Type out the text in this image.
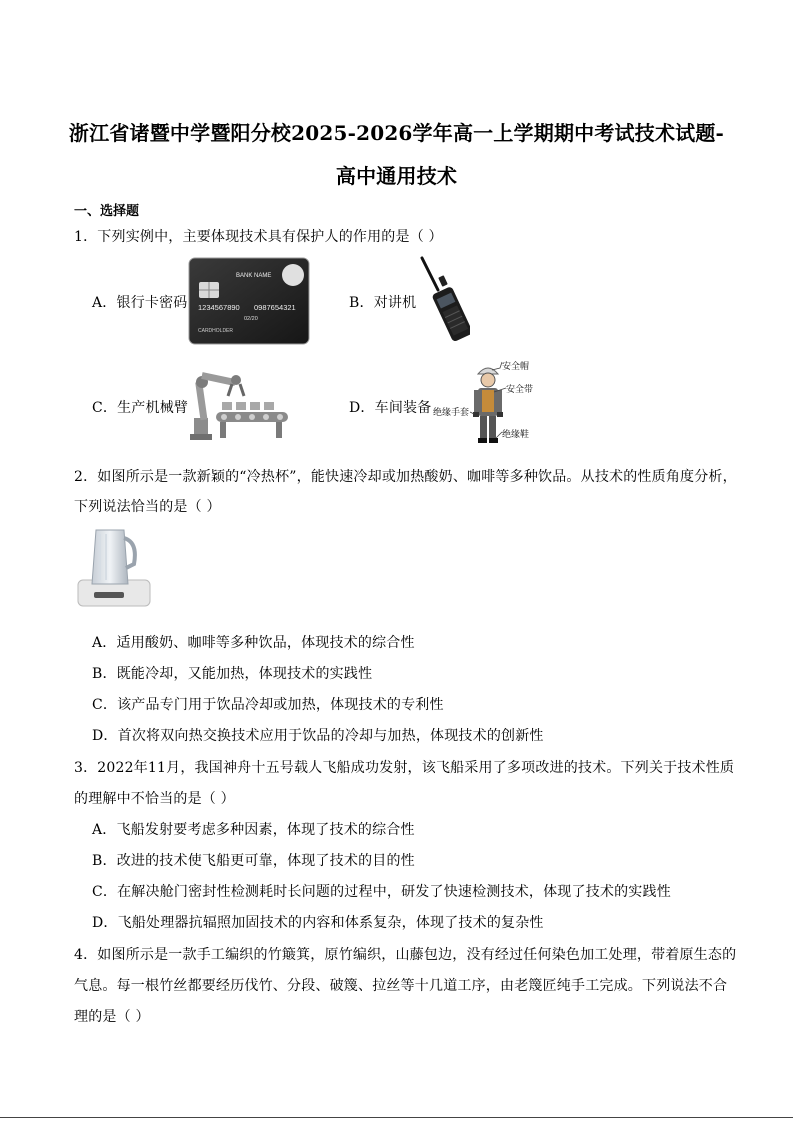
浙江省诸暨中学暨阳分校2025-2026学年高一上学期期中考试技术试题-
高中通用技术
一、选择题
1．下列实例中，主要体现技术具有保护人的作用的是（ ）
A．银行卡密码
BANK NAME
1234567890 0987654321
02/20
CARDHOLDER
B．对讲机
C．生产机械臂	D．车间装备
安全帽
安全带
绝缘手套
绝缘鞋
2．如图所示是一款新颖的“冷热杯”，能快速冷却或加热酸奶、咖啡等多种饮品。从技术的性质角度分析，
下列说法恰当的是（ ）
A．适用酸奶、咖啡等多种饮品，体现技术的综合性
B．既能冷却，又能加热，体现技术的实践性
C．该产品专门用于饮品冷却或加热，体现技术的专利性
D．首次将双向热交换技术应用于饮品的冷却与加热，体现技术的创新性
3．2022年11月，我国神舟十五号载人飞船成功发射，该飞船采用了多项改进的技术。下列关于技术性质
的理解中不恰当的是（ ）
A．飞船发射要考虑多种因素，体现了技术的综合性
B．改进的技术使飞船更可靠，体现了技术的目的性
C．在解决舱门密封性检测耗时长问题的过程中，研发了快速检测技术，体现了技术的实践性
D．飞船处理器抗辐照加固技术的内容和体系复杂，体现了技术的复杂性
4．如图所示是一款手工编织的竹簸箕，原竹编织，山藤包边，没有经过任何染色加工处理，带着原生态的
气息。每一根竹丝都要经历伐竹、分段、破篾、拉丝等十几道工序，由老篾匠纯手工完成。下列说法不合
理的是（ ）
